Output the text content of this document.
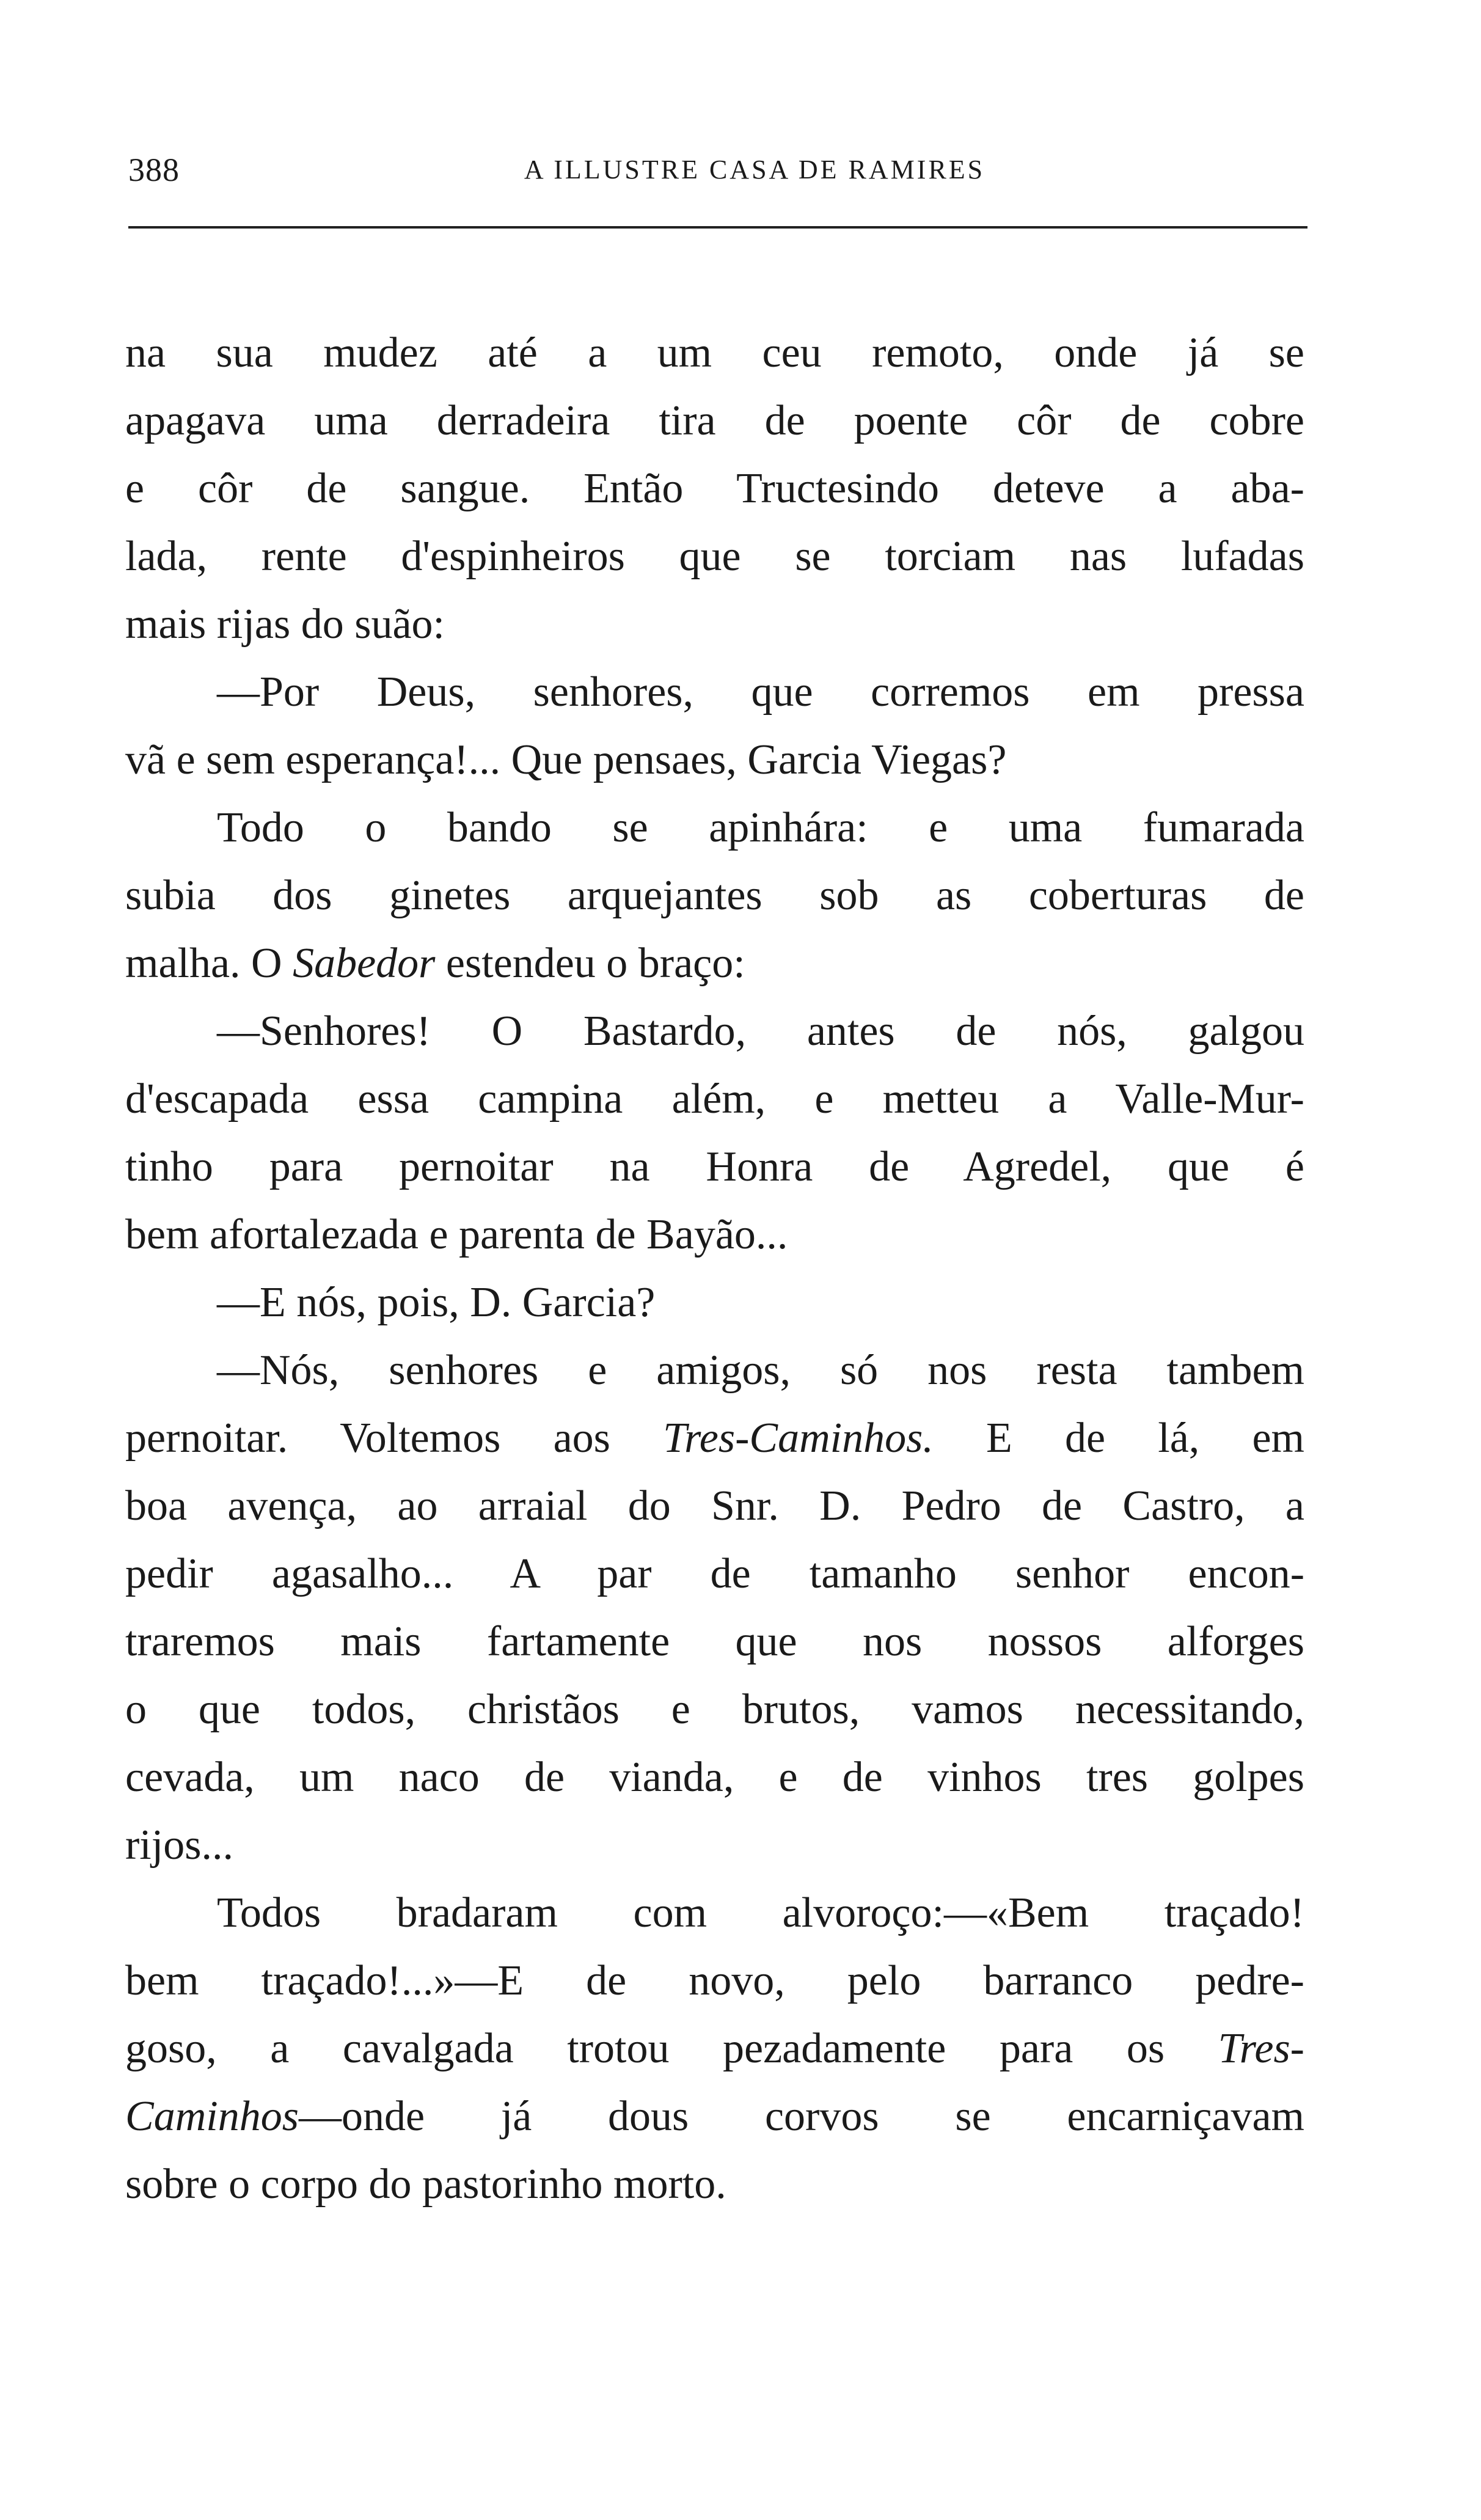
388	A ILLUSTRE CASA DE RAMIRES
na sua mudez até a um ceu remoto, onde já se
apagava uma derradeira tira de poente côr de cobre
e côr de sangue. Então Tructesindo deteve a aba-
lada, rente d'espinheiros que se torciam nas lufadas
mais rijas do suão:
—Por Deus, senhores, que corremos em pressa
vã e sem esperança!... Que pensaes, Garcia Viegas?
Todo o bando se apinhára: e uma fumarada
subia dos ginetes arquejantes sob as coberturas de
malha. O Sabedor estendeu o braço:
—Senhores! O Bastardo, antes de nós, galgou
d'escapada essa campina além, e metteu a Valle-Mur-
tinho para pernoitar na Honra de Agredel, que é
bem afortalezada e parenta de Bayão...
—E nós, pois, D. Garcia?
—Nós, senhores e amigos, só nos resta tambem
pernoitar. Voltemos aos Tres-Caminhos. E de lá, em
boa avença, ao arraial do Snr. D. Pedro de Castro, a
pedir agasalho... A par de tamanho senhor encon-
traremos mais fartamente que nos nossos alforges
o que todos, christãos e brutos, vamos necessitando,
cevada, um naco de vianda, e de vinhos tres golpes
rijos...
Todos bradaram com alvoroço:—«Bem traçado!
bem traçado!...»—E de novo, pelo barranco pedre-
goso, a cavalgada trotou pezadamente para os Tres-
Caminhos—onde já dous corvos se encarniçavam
sobre o corpo do pastorinho morto.
